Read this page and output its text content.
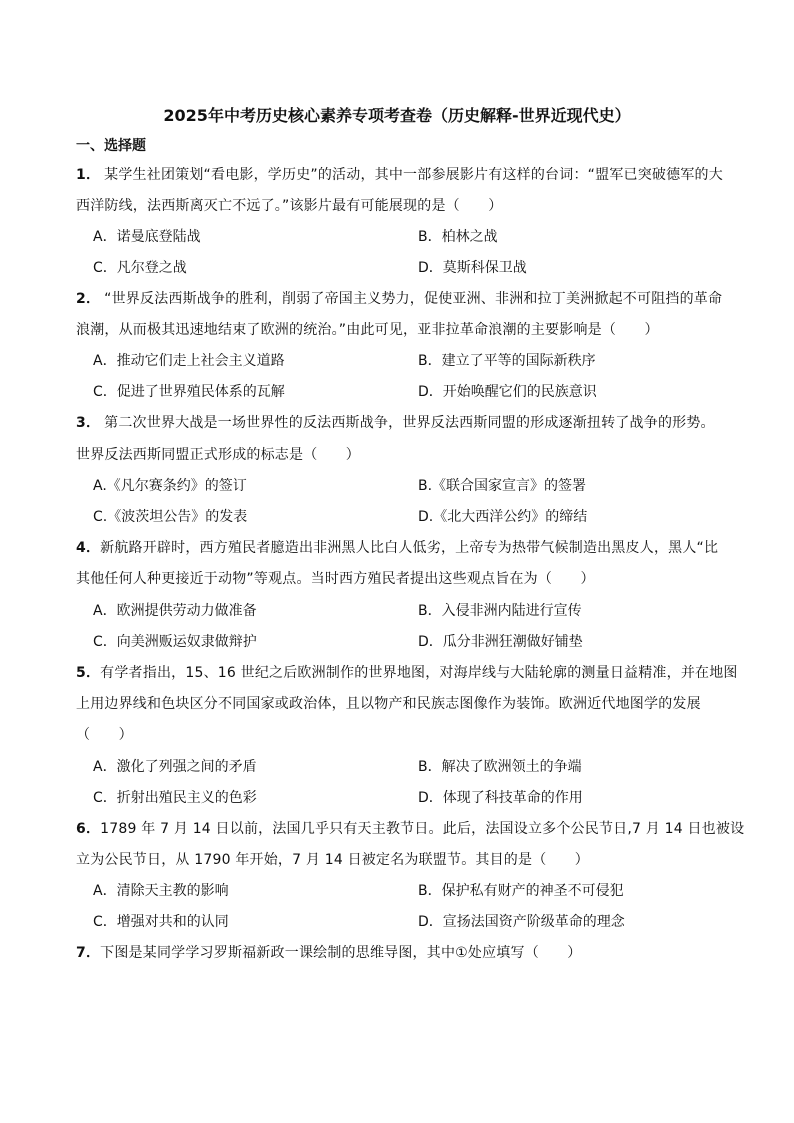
2025年中考历史核心素养专项考查卷（历史解释-世界近现代史）
一、选择题
1． 某学生社团策划“看电影，学历史”的活动，其中一部参展影片有这样的台词：“盟军已突破德军的大
西洋防线，法西斯离灭亡不远了。”该影片最有可能展现的是（　　）
A．诺曼底登陆战	B．柏林之战
C．凡尔登之战	D．莫斯科保卫战
2． “世界反法西斯战争的胜利，削弱了帝国主义势力，促使亚洲、非洲和拉丁美洲掀起不可阻挡的革命
浪潮，从而极其迅速地结束了欧洲的统治。”由此可见，亚非拉革命浪潮的主要影响是（　　）
A．推动它们走上社会主义道路	B．建立了平等的国际新秩序
C．促进了世界殖民体系的瓦解	D．开始唤醒它们的民族意识
3． 第二次世界大战是一场世界性的反法西斯战争，世界反法西斯同盟的形成逐渐扭转了战争的形势。
世界反法西斯同盟正式形成的标志是（　　）
A.《凡尔赛条约》的签订	B.《联合国家宣言》的签署
C.《波茨坦公告》的发表	D.《北大西洋公约》的缔结
4．新航路开辟时，西方殖民者臆造出非洲黑人比白人低劣，上帝专为热带气候制造出黑皮人，黑人“比
其他任何人种更接近于动物”等观点。当时西方殖民者提出这些观点旨在为（　　）
A．欧洲提供劳动力做准备	B．入侵非洲内陆进行宣传
C．向美洲贩运奴隶做辩护	D．瓜分非洲狂潮做好铺垫
5．有学者指出，15、16 世纪之后欧洲制作的世界地图，对海岸线与大陆轮廓的测量日益精准，并在地图
上用边界线和色块区分不同国家或政治体，且以物产和民族志图像作为装饰。欧洲近代地图学的发展
（　　）
A．激化了列强之间的矛盾	B．解决了欧洲领土的争端
C．折射出殖民主义的色彩	D．体现了科技革命的作用
6．1789 年 7 月 14 日以前，法国几乎只有天主教节日。此后，法国设立多个公民节日,7 月 14 日也被设
立为公民节日，从 1790 年开始，7 月 14 日被定名为联盟节。其目的是（　　）
A．清除天主教的影响	B．保护私有财产的神圣不可侵犯
C．增强对共和的认同	D．宣扬法国资产阶级革命的理念
7．下图是某同学学习罗斯福新政一课绘制的思维导图，其中①处应填写（　　）
